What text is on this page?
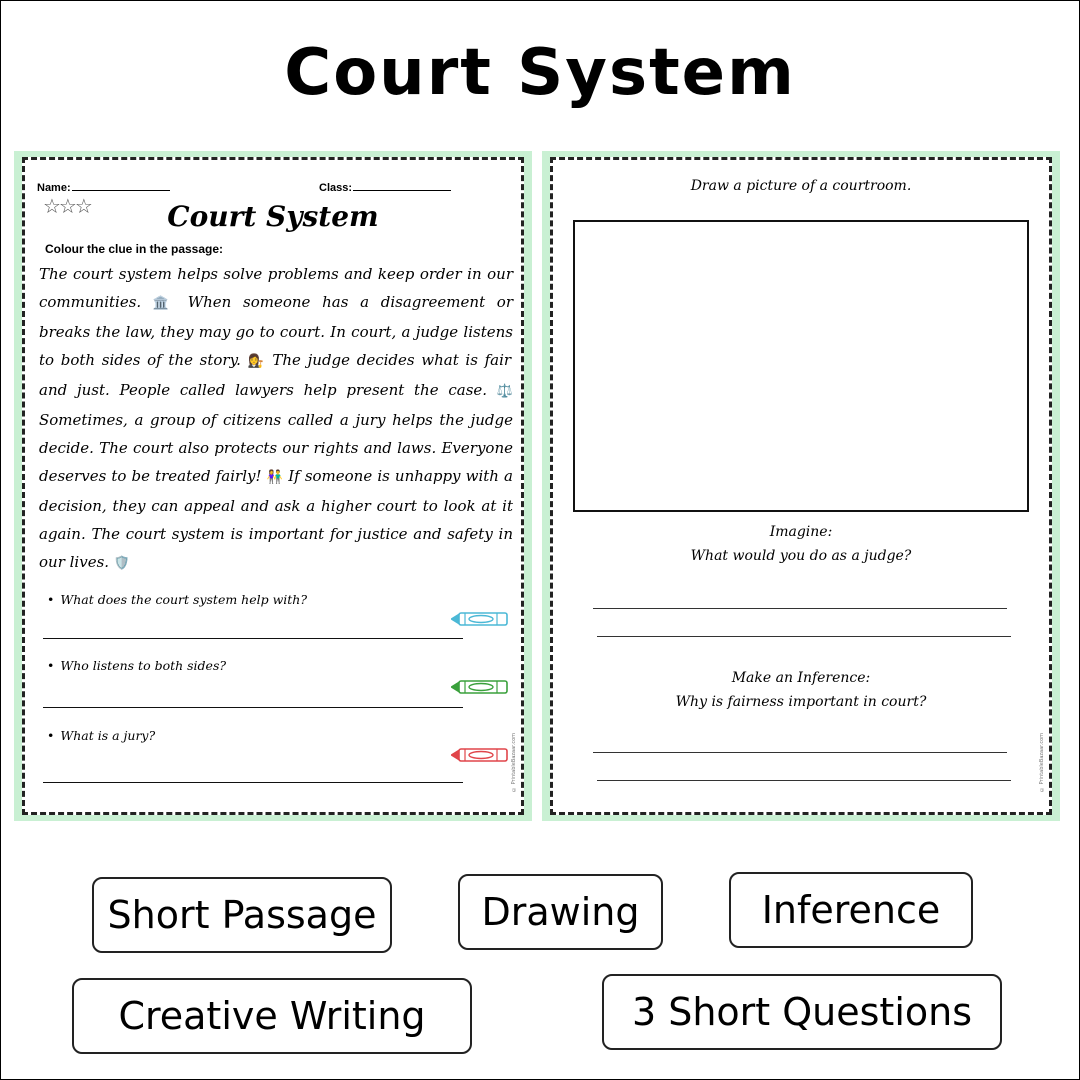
Court System
Name:	Class:
☆☆☆	Court System
Colour the clue in the passage:
The court system helps solve problems and keep order in our communities. 🏛️ When someone has a disagreement or breaks the law, they may go to court. In court, a judge listens to both sides of the story. 👩‍⚖️ The judge decides what is fair and just. People called lawyers help present the case. ⚖️ Sometimes, a group of citizens called a jury helps the judge decide. The court also protects our rights and laws. Everyone deserves to be treated fairly! 👫 If someone is unhappy with a decision, they can appeal and ask a higher court to look at it again. The court system is important for justice and safety in our lives. 🛡️
• What does the court system help with?
• Who listens to both sides?
• What is a jury?	© PrintableBazaar.com
Draw a picture of a courtroom.
Imagine:
What would you do as a judge?
Make an Inference:
Why is fairness important in court?
© PrintableBazaar.com
Short Passage	Drawing	Inference
Creative Writing	3 Short Questions
